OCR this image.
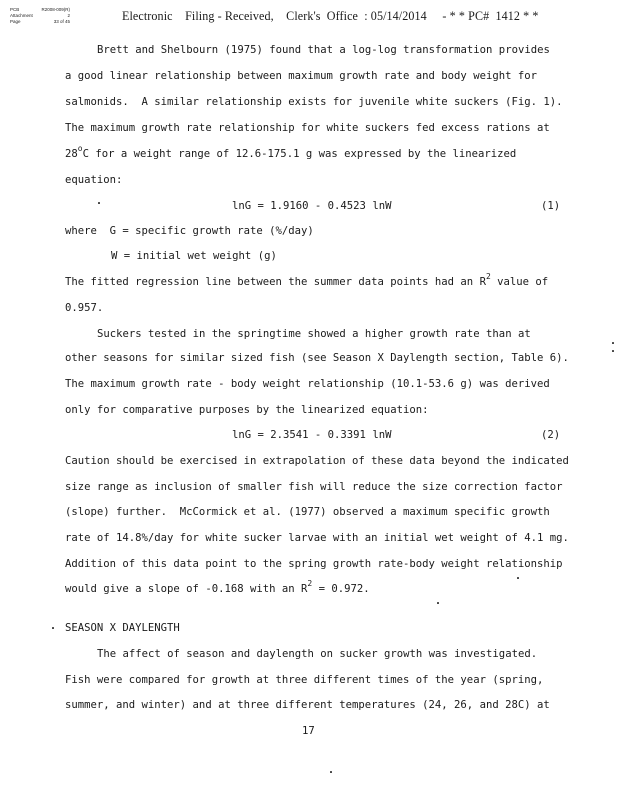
PCB	R2008-009(R)
Attachment	2
Page	33 of 45	Electronic    Filing - Received,    Clerk's  Office  : 05/14/2014     - * * PC#  1412 * *
Brett and Shelbourn (1975) found that a log-log transformation provides
a good linear relationship between maximum growth rate and body weight for
salmonids.  A similar relationship exists for juvenile white suckers (Fig. 1).
The maximum growth rate relationship for white suckers fed excess rations at
28$^o$C for a weight range of 12.6-175.1 g was expressed by the linearized
equation:
lnG = 1.9160 - 0.4523 lnW	(1)
where  G = specific growth rate (%/day)
W = initial wet weight (g)
The fitted regression line between the summer data points had an $R^2$ value of
0.957.
Suckers tested in the springtime showed a higher growth rate than at
other seasons for similar sized fish (see Season X Daylength section, Table 6).
The maximum growth rate - body weight relationship (10.1-53.6 g) was derived
only for comparative purposes by the linearized equation:
lnG = 2.3541 - 0.3391 lnW	(2)
Caution should be exercised in extrapolation of these data beyond the indicated
size range as inclusion of smaller fish will reduce the size correction factor
(slope) further.  McCormick et al. (1977) observed a maximum specific growth
rate of 14.8%/day for white sucker larvae with an initial wet weight of 4.1 mg.
Addition of this data point to the spring growth rate-body weight relationship
would give a slope of -0.168 with an $R^2 = 0.972$.
SEASON X DAYLENGTH
The affect of season and daylength on sucker growth was investigated.
Fish were compared for growth at three different times of the year (spring,
summer, and winter) and at three different temperatures (24, 26, and 28C) at
17
